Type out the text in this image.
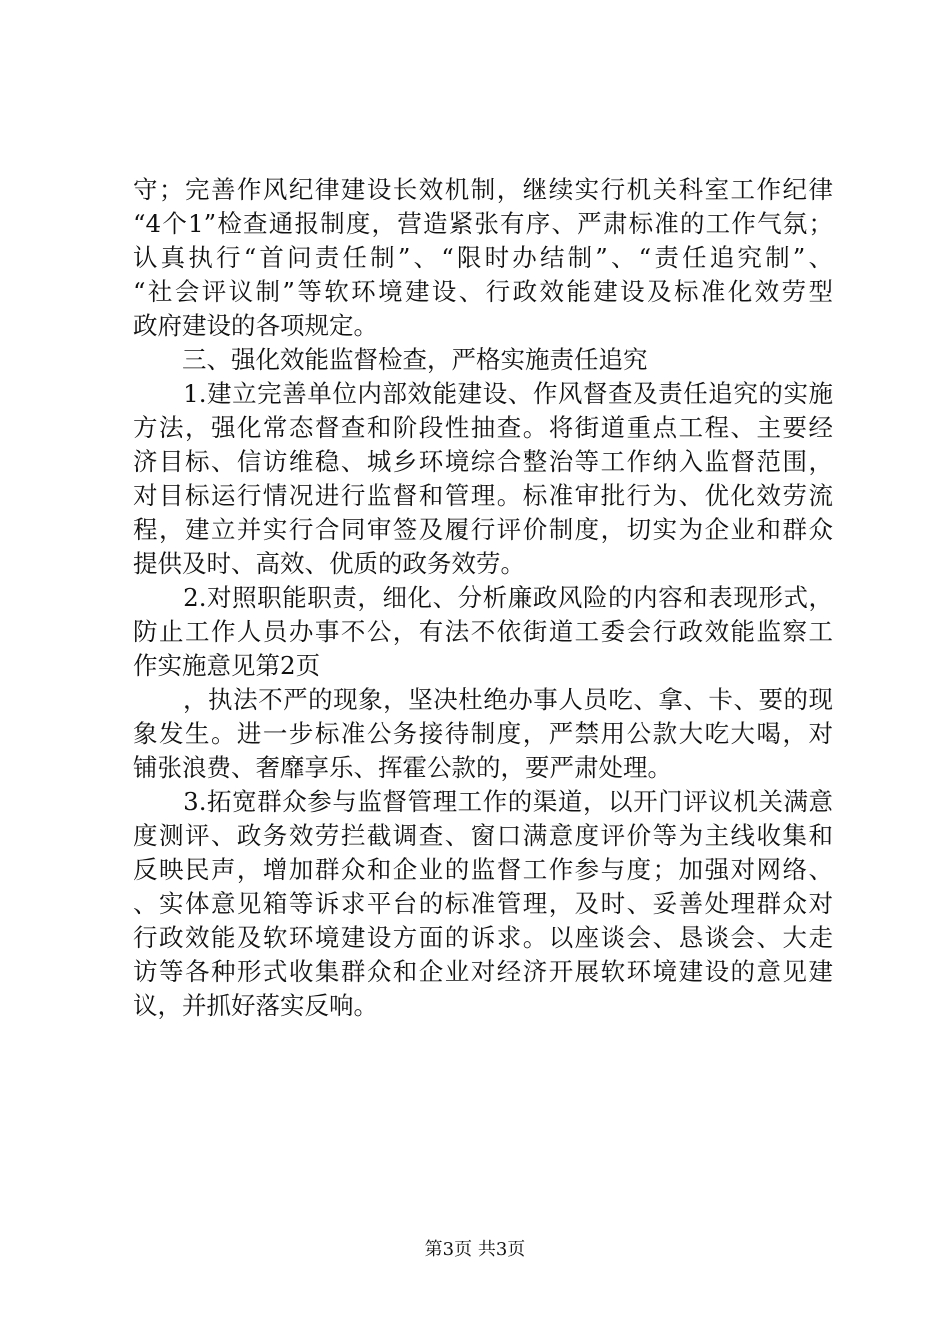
守；完善作风纪律建设长效机制，继续实行机关科室工作纪律
“4个1”检查通报制度，营造紧张有序、严肃标准的工作气氛；
认真执行“首问责任制”、“限时办结制”、“责任追究制”、
“社会评议制”等软环境建设、行政效能建设及标准化效劳型
政府建设的各项规定。
　　三、强化效能监督检查，严格实施责任追究
　　1.建立完善单位内部效能建设、作风督查及责任追究的实施
方法，强化常态督查和阶段性抽查。将街道重点工程、主要经
济目标、信访维稳、城乡环境综合整治等工作纳入监督范围，
对目标运行情况进行监督和管理。标准审批行为、优化效劳流
程，建立并实行合同审签及履行评价制度，切实为企业和群众
提供及时、高效、优质的政务效劳。
　　2.对照职能职责，细化、分析廉政风险的内容和表现形式，
防止工作人员办事不公，有法不依街道工委会行政效能监察工
作实施意见第2页
　　，执法不严的现象，坚决杜绝办事人员吃、拿、卡、要的现
象发生。进一步标准公务接待制度，严禁用公款大吃大喝，对
铺张浪费、奢靡享乐、挥霍公款的，要严肃处理。
　　3.拓宽群众参与监督管理工作的渠道，以开门评议机关满意
度测评、政务效劳拦截调查、窗口满意度评价等为主线收集和
反映民声，增加群众和企业的监督工作参与度；加强对网络、
、实体意见箱等诉求平台的标准管理，及时、妥善处理群众对
行政效能及软环境建设方面的诉求。以座谈会、恳谈会、大走
访等各种形式收集群众和企业对经济开展软环境建设的意见建
议，并抓好落实反响。
第3页 共3页
